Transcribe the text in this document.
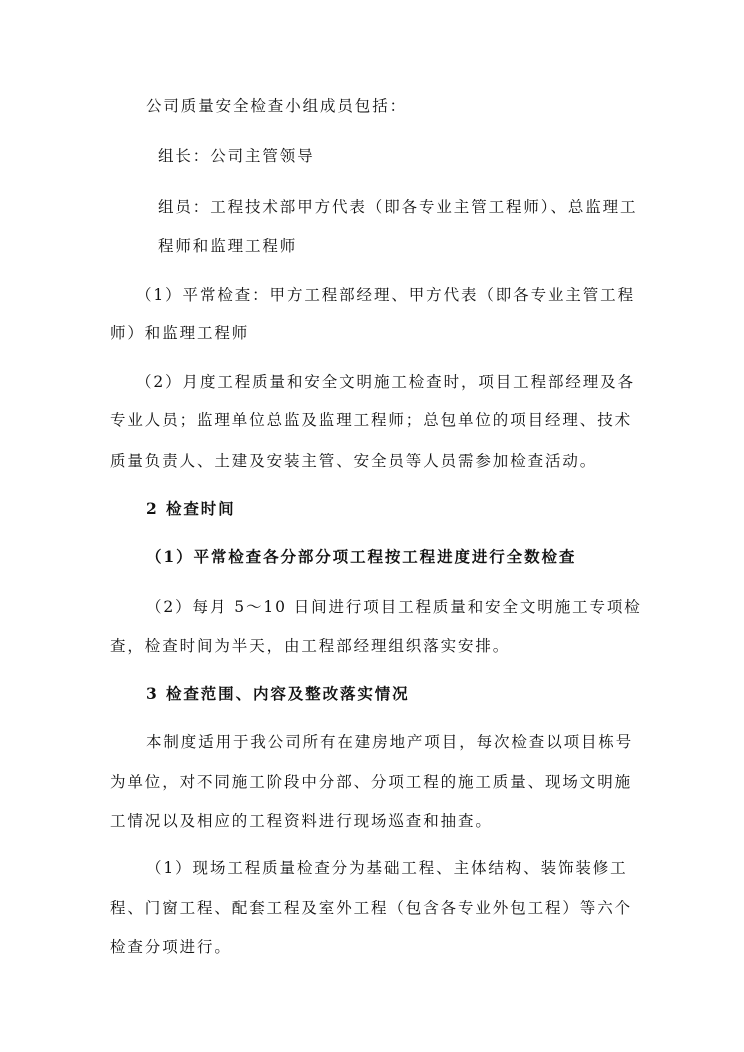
公司质量安全检查小组成员包括：
组长：公司主管领导
组员：工程技术部甲方代表（即各专业主管工程师）、总监理工
程师和监理工程师
（1）平常检查：甲方工程部经理、甲方代表（即各专业主管工程
师）和监理工程师
（2）月度工程质量和安全文明施工检查时，项目工程部经理及各
专业人员；监理单位总监及监理工程师；总包单位的项目经理、技术
质量负责人、土建及安装主管、安全员等人员需参加检查活动。
2 检查时间
（1）平常检查各分部分项工程按工程进度进行全数检查
（2）每月 5～10 日间进行项目工程质量和安全文明施工专项检
查，检查时间为半天，由工程部经理组织落实安排。
3 检查范围、内容及整改落实情况
本制度适用于我公司所有在建房地产项目，每次检查以项目栋号
为单位，对不同施工阶段中分部、分项工程的施工质量、现场文明施
工情况以及相应的工程资料进行现场巡查和抽查。
（1）现场工程质量检查分为基础工程、主体结构、装饰装修工
程、门窗工程、配套工程及室外工程（包含各专业外包工程）等六个
检查分项进行。
